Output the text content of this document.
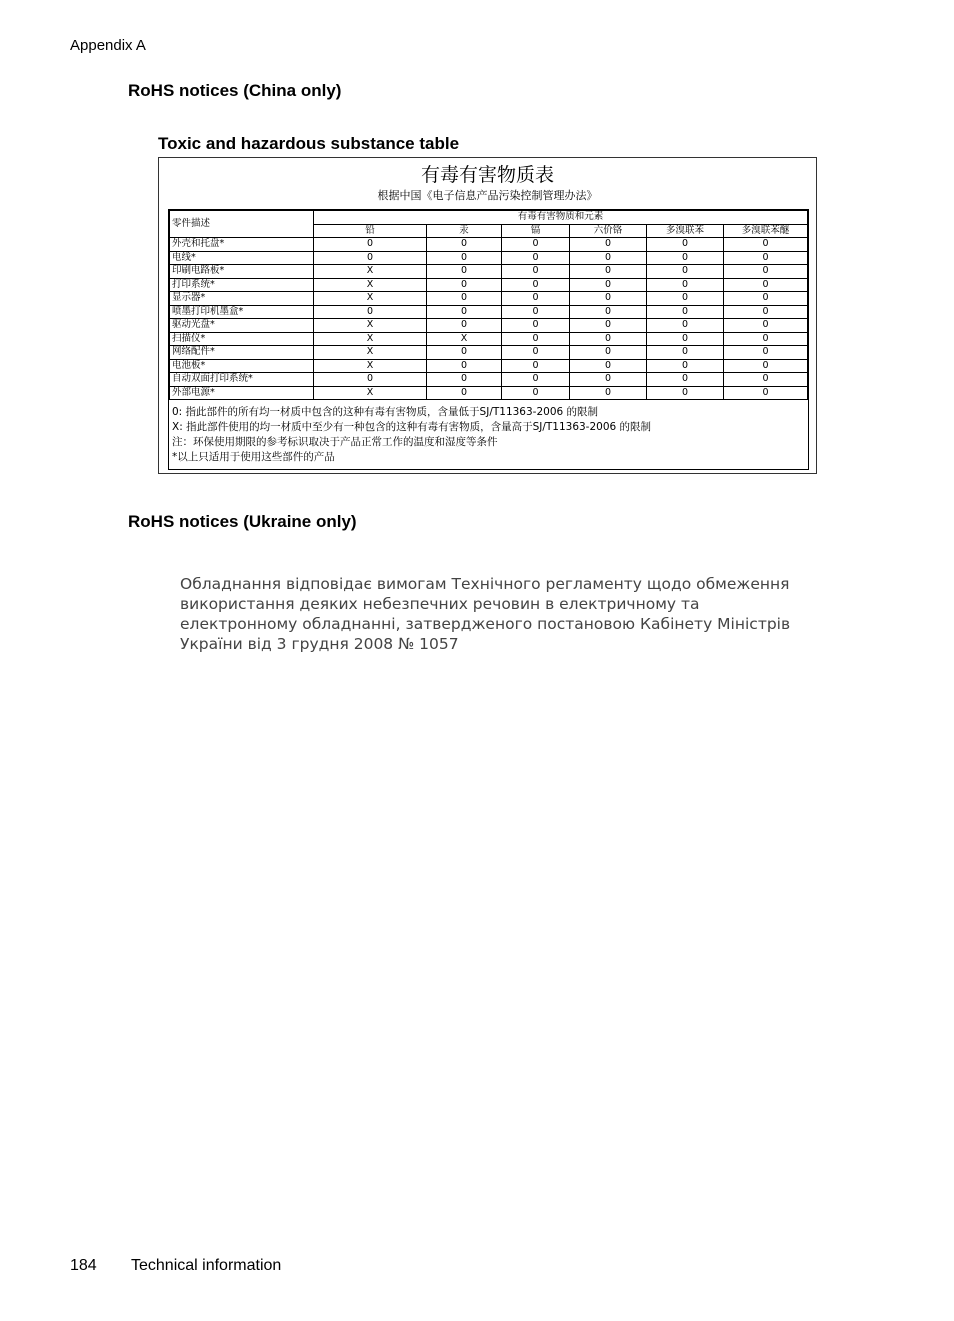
Appendix A
RoHS notices (China only)
Toxic and hazardous substance table
有毒有害物质表
根据中国《电子信息产品污染控制管理办法》
零件描述	有毒有害物质和元素					
	铅	汞	镉	六价铬	多溴联苯	多溴联苯醚
外壳和托盘*	0	0	0	0	0	0
电线*	0	0	0	0	0	0
印刷电路板*	X	0	0	0	0	0
打印系统*	X	0	0	0	0	0
显示器*	X	0	0	0	0	0
喷墨打印机墨盒*	0	0	0	0	0	0
驱动光盘*	X	0	0	0	0	0
扫描仪*	X	X	0	0	0	0
网络配件*	X	0	0	0	0	0
电池板*	X	0	0	0	0	0
自动双面打印系统*	0	0	0	0	0	0
外部电源*	X	0	0	0	0	0
0: 指此部件的所有均一材质中包含的这种有毒有害物质，含量低于SJ/T11363-2006 的限制
X: 指此部件使用的均一材质中至少有一种包含的这种有毒有害物质，含量高于SJ/T11363-2006 的限制
注：环保使用期限的参考标识取决于产品正常工作的温度和湿度等条件
*以上只适用于使用这些部件的产品
RoHS notices (Ukraine only)
Обладнання відповідає вимогам Технічного регламенту щодо обмеження використання деяких небезпечних речовин в електричному та електронному обладнанні, затвердженого постановою Кабінету Міністрів України від 3 грудня 2008 № 1057
184 Technical information
